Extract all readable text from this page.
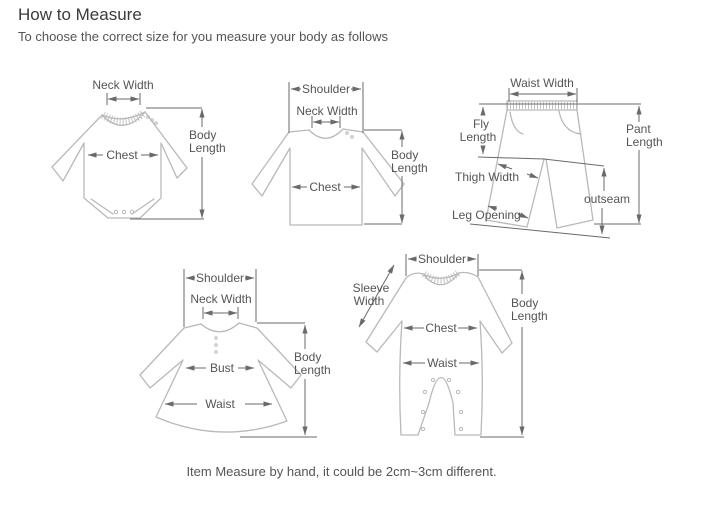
How to Measure
To choose the correct size for you measure your body as follows
Neck Width
Chest
Body
Length
Shoulder
Neck Width
Chest
Body
Length
Waist Width
Fly
Length
Thigh Width
Leg Opening
outseam
Pant
Length
Shoulder
Neck Width
Bust
Waist
Body
Length
Shoulder
Sleeve
Width
Chest
Waist
Body
Length
Item Measure by hand, it could be 2cm~3cm different.
